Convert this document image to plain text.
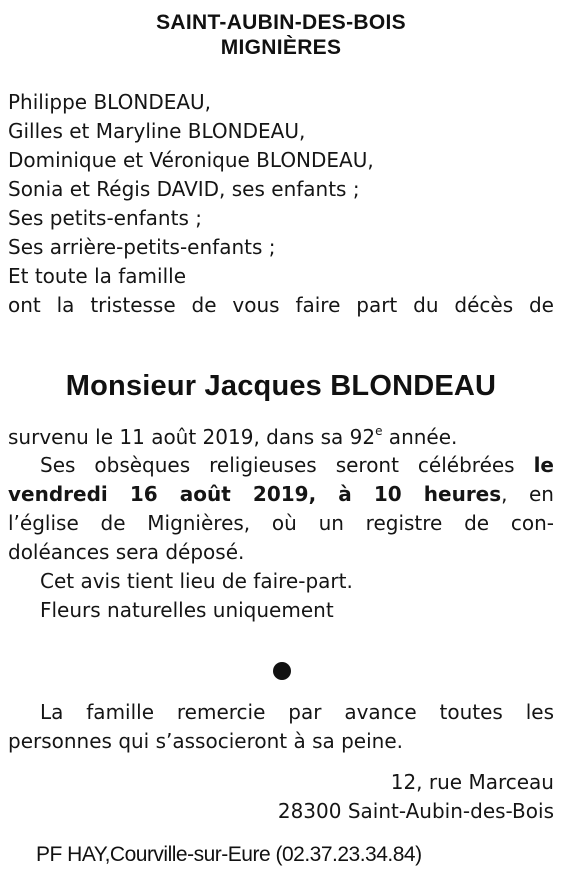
SAINT-AUBIN-DES-BOIS
MIGNIÈRES
Philippe BLONDEAU,
Gilles et Maryline BLONDEAU,
Dominique et Véronique BLONDEAU,
Sonia et Régis DAVID, ses enfants ;
Ses petits-enfants ;
Ses arrière-petits-enfants ;
Et toute la famille
ont la tristesse de vous faire part du décès de
Monsieur Jacques BLONDEAU
survenu le 11 août 2019, dans sa 92e année.
Ses obsèques religieuses seront célébrées le
vendredi 16 août 2019, à 10 heures, en
l’église de Mignières, où un registre de con-
doléances sera déposé.
Cet avis tient lieu de faire-part.
Fleurs naturelles uniquement
La famille remercie par avance toutes les
personnes qui s’associeront à sa peine.
12, rue Marceau
28300 Saint-Aubin-des-Bois
PF HAY,Courville-sur-Eure (02.37.23.34.84)
